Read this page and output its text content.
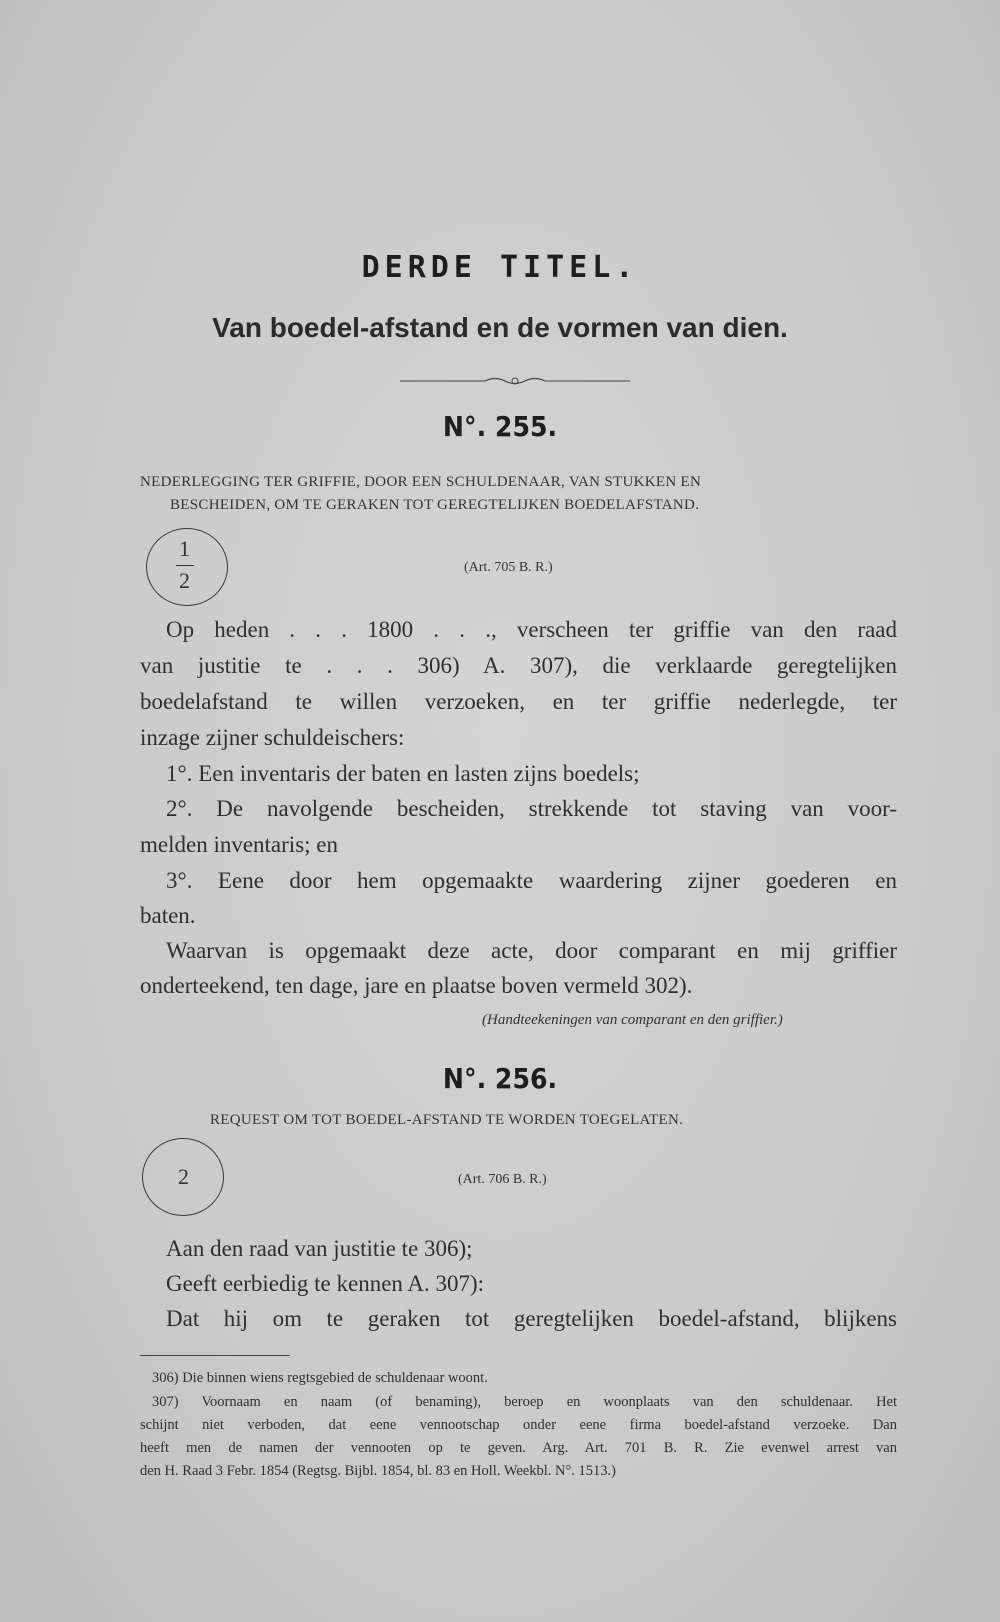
DERDE TITEL.
Van boedel-afstand en de vormen van dien.
N°. 255.
NEDERLEGGING TER GRIFFIE, DOOR EEN SCHULDENAAR, VAN STUKKEN EN
BESCHEIDEN, OM TE GERAKEN TOT GEREGTELIJKEN BOEDELAFSTAND.
1
2
(Art. 705 B. R.)
Op heden . . . 1800 . . ., verscheen ter griffie van den raad
van justitie te . . . 306) A. 307), die verklaarde geregtelijken
boedelafstand te willen verzoeken, en ter griffie nederlegde, ter
inzage zijner schuldeischers:
1°. Een inventaris der baten en lasten zijns boedels;
2°. De navolgende bescheiden, strekkende tot staving van voor-
melden inventaris; en
3°. Eene door hem opgemaakte waardering zijner goederen en
baten.
Waarvan is opgemaakt deze acte, door comparant en mij griffier
onderteekend, ten dage, jare en plaatse boven vermeld 302).
(Handteekeningen van comparant en den griffier.)
N°. 256.
REQUEST OM TOT BOEDEL-AFSTAND TE WORDEN TOEGELATEN.
2	(Art. 706 B. R.)
Aan den raad van justitie te 306);
Geeft eerbiedig te kennen A. 307):
Dat hij om te geraken tot geregtelijken boedel-afstand, blijkens
306) Die binnen wiens regtsgebied de schuldenaar woont.
307) Voornaam en naam (of benaming), beroep en woonplaats van den schuldenaar. Het
schijnt niet verboden, dat eene vennootschap onder eene firma boedel-afstand verzoeke. Dan
heeft men de namen der vennooten op te geven. Arg. Art. 701 B. R. Zie evenwel arrest van
den H. Raad 3 Febr. 1854 (Regtsg. Bijbl. 1854, bl. 83 en Holl. Weekbl. N°. 1513.)
